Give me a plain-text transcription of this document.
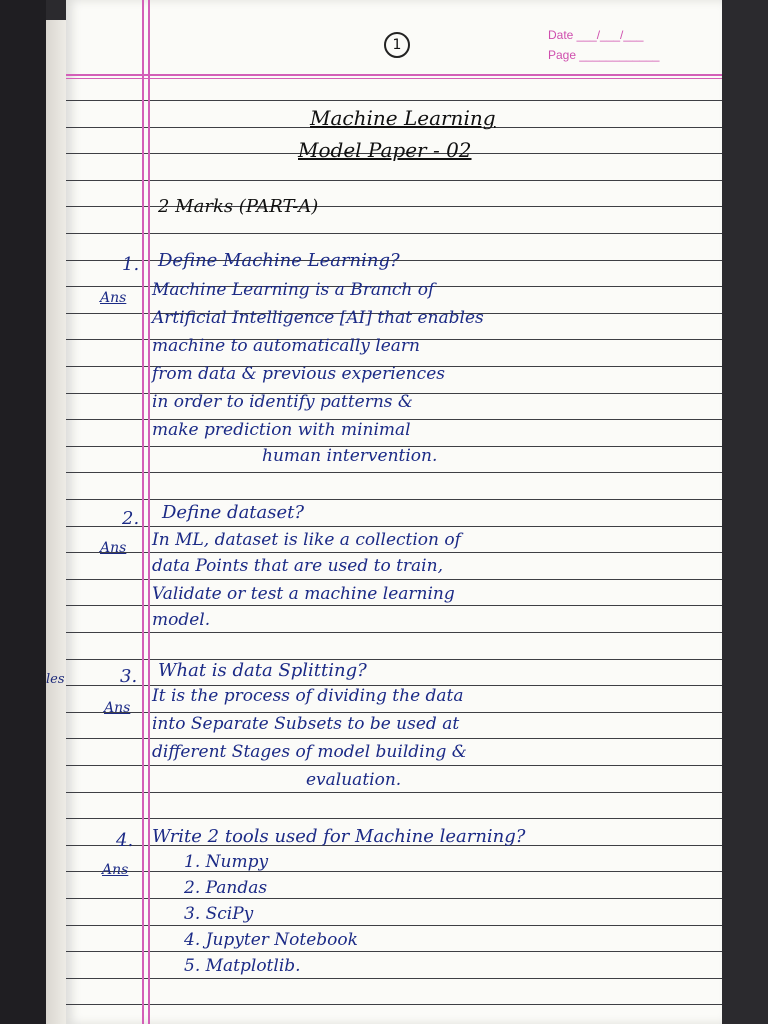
les
1
Date ___/___/___
Page ____________
Machine Learning
Model Paper - 02
2 Marks (PART-A)
1. Define Machine Learning?
Ans Machine Learning is a Branch of
Artificial Intelligence [AI] that enables
machine to automatically learn
from data & previous experiences
in order to identify patterns &
make prediction with minimal
human intervention.
2. Define dataset?
Ans In ML, dataset is like a collection of
data Points that are used to train,
Validate or test a machine learning
model.
3. What is data Splitting?
Ans
It is the process of dividing the data
into Separate Subsets to be used at
different Stages of model building &
evaluation.
4. Write 2 tools used for Machine learning?
Ans	1. Numpy
2. Pandas
3. SciPy
4. Jupyter Notebook
5. Matplotlib.
